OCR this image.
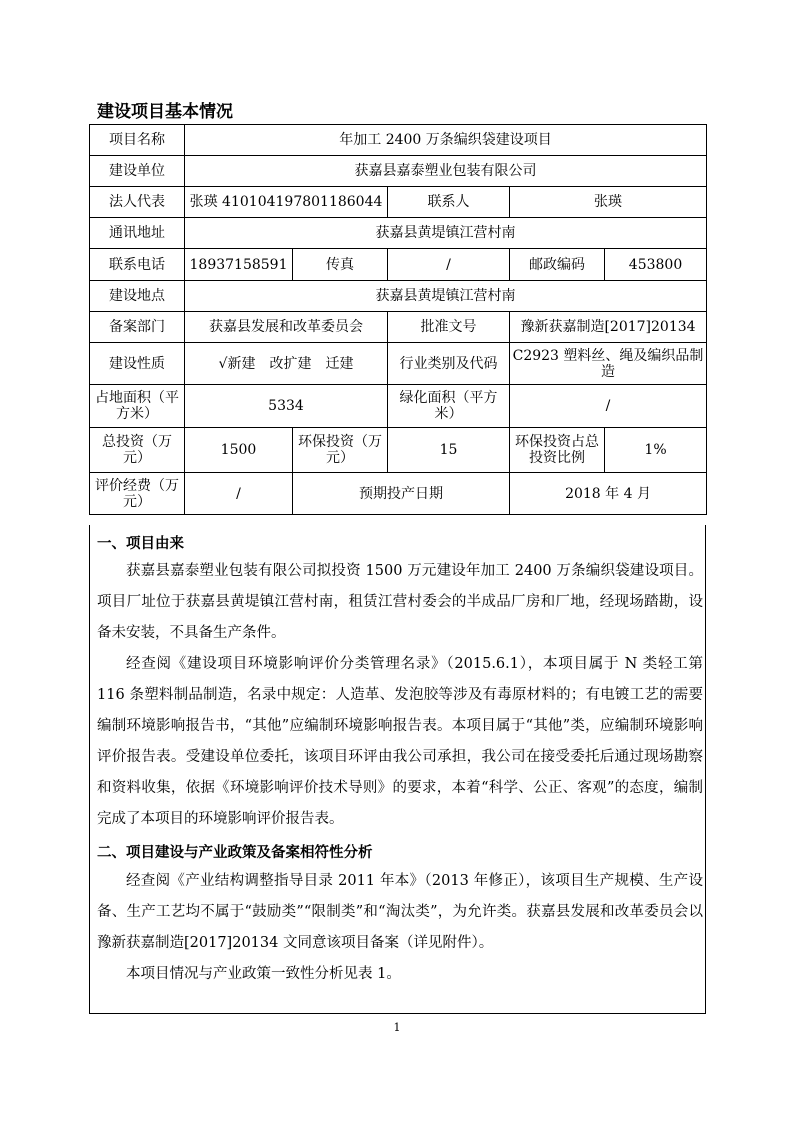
建设项目基本情况
项目名称	年加工 2400 万条编织袋建设项目				
建设单位	获嘉县嘉泰塑业包装有限公司				
法人代表	张瑛 410104197801186044		联系人	张瑛	
通讯地址	获嘉县黄堤镇江营村南				
联系电话	18937158591	传真	/	邮政编码	453800
建设地点	获嘉县黄堤镇江营村南				
备案部门	获嘉县发展和改革委员会		批准文号	豫新获嘉制造[2017]20134	
建设性质	√新建　改扩建　迁建		行业类别及代码	C2923 塑料丝、绳及编织品制造	
占地面积（平方米）	5334		绿化面积（平方米）	/	
总投资（万元）	1500	环保投资（万元）	15	环保投资占总投资比例	1%
评价经费（万元）	/	预期投产日期		2018 年 4 月	
一、项目由来

获嘉县嘉泰塑业包装有限公司拟投资 1500 万元建设年加工 2400 万条编织袋建设项目。项目厂址位于获嘉县黄堤镇江营村南，租赁江营村委会的半成品厂房和厂地，经现场踏勘，设备未安装，不具备生产条件。

经查阅《建设项目环境影响评价分类管理名录》（2015.6.1），本项目属于 N 类轻工第 116 条塑料制品制造，名录中规定：人造革、发泡胶等涉及有毒原材料的；有电镀工艺的需要编制环境影响报告书，“其他”应编制环境影响报告表。本项目属于“其他”类，应编制环境影响评价报告表。受建设单位委托，该项目环评由我公司承担，我公司在接受委托后通过现场勘察和资料收集，依据《环境影响评价技术导则》的要求，本着“科学、公正、客观”的态度，编制完成了本项目的环境影响评价报告表。

二、项目建设与产业政策及备案相符性分析

经查阅《产业结构调整指导目录 2011 年本》（2013 年修正），该项目生产规模、生产设备、生产工艺均不属于“鼓励类”“限制类”和“淘汰类”，为允许类。获嘉县发展和改革委员会以豫新获嘉制造[2017]20134 文同意该项目备案（详见附件）。

本项目情况与产业政策一致性分析见表 1。

1
